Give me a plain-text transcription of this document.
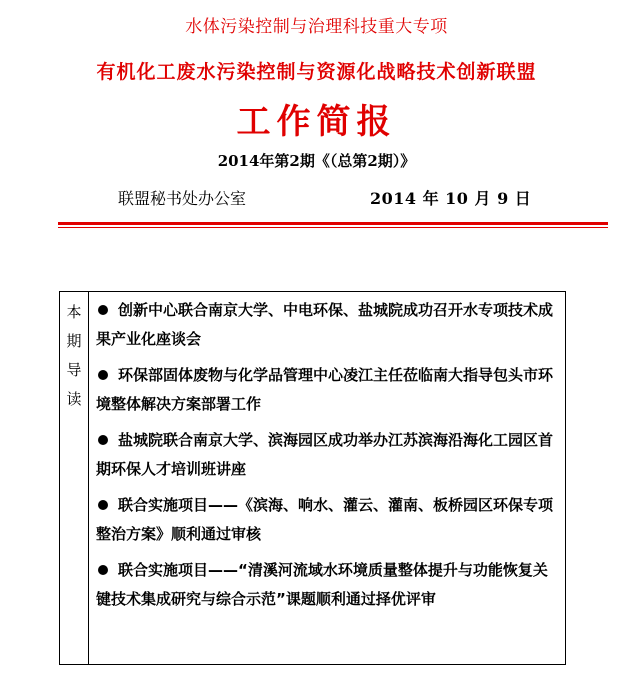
水体污染控制与治理科技重大专项
有机化工废水污染控制与资源化战略技术创新联盟
工作简报
2014年第2期《（总第2期）》
联盟秘书处办公室	2014 年 10 月 9 日
本
期
导
读
创新中心联合南京大学、中电环保、盐城院成功召开水专项技术成果产业化座谈会
环保部固体废物与化学品管理中心凌江主任莅临南大指导包头市环境整体解决方案部署工作
盐城院联合南京大学、滨海园区成功举办江苏滨海沿海化工园区首期环保人才培训班讲座
联合实施项目——《滨海、响水、灌云、灌南、板桥园区环保专项整治方案》顺利通过审核
联合实施项目——“清溪河流域水环境质量整体提升与功能恢复关键技术集成研究与综合示范”课题顺利通过择优评审
